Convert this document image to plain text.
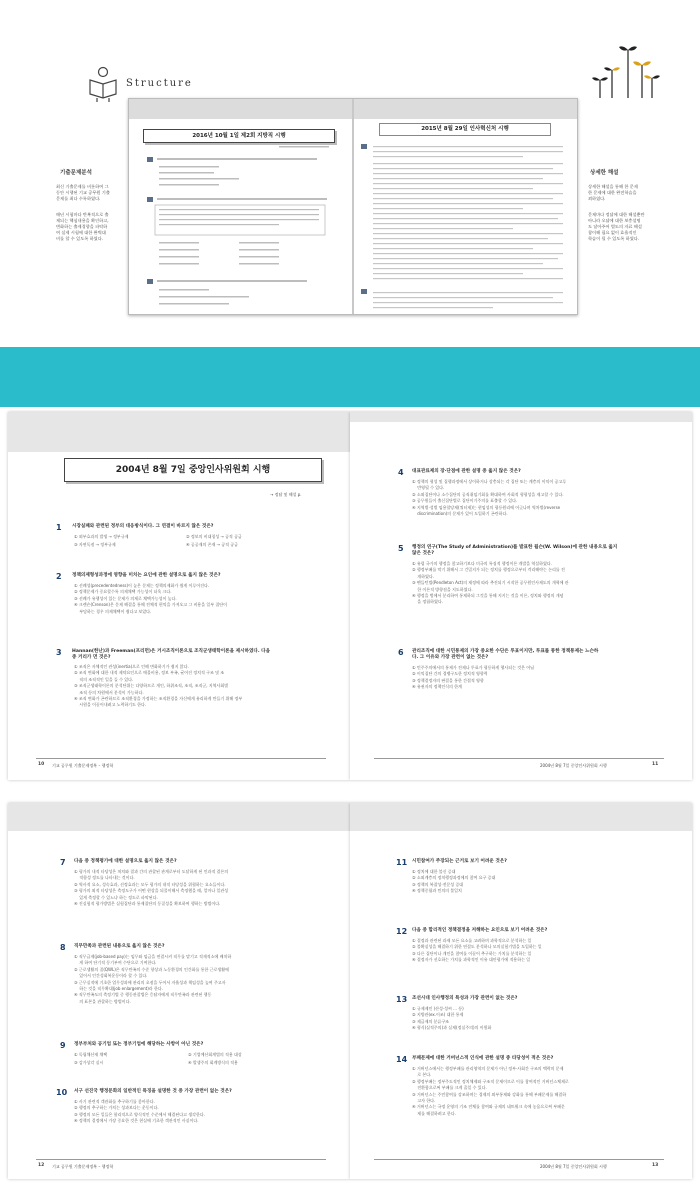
Structure
기출문제분석
최신 기출문제를 비롯하여 그
동안 시행된 기교 공무원 기출
문제를 최다 수록하였다.
매년 시험마다 반복적으로 출
제되는 핵심내용을 확인하고,
변화하는 출제경향을 파악하
여 실제 시험에 대한 완벽대
비를 할 수 있도록 하였다.
상세한 해설
상세한 해설을 통해 한 문제
한 문제에 대한 완전학습을
꾀하였다.
문제마다 정답에 대한 해설뿐만
아니라 오답에 대한 보충설명
도 달아주어 별도의 자료 해설
참이해 필요 없이 효율적인
학습이 될 수 있도록 하였다.
2016년 10월 1일 제2회 지방직 시행
2015년 8월 29일 인사혁신처 시행
2004년 8월 7일 중앙인사위원회 시행
→ 정답 및 해설 p.
1 시장실패와 관련된 정부의 대응방식이다. 그 연결이 바르지 않은 것은?
① 외부효과의 발생 → 정부규제	② 정보의 비대칭성 → 공적 공급
③ 자연독점 → 정부규제	④ 공공재의 존재 → 공적 공급
2 정책의제형성과정에 영향을 미치는 요인에 관한 설명으로 옳지 않은 것은?
① 선례성(precedentedness)이 높은 문제는 정책의제화가 쉽게 이루어진다.
② 정책문제가 중요할수록 의제채택 가능성이 더욱 크다.
③ 선례가 유행성이 있는 문제가 의제로 채택가능성이 높다.
④ 크렌슨(Crenson)은 문제 해결을 통해 전체적 편익을 가져오고 그 비용을 일부 집단이
　 부담하는 경우 의제채택이 쉽다고 보았다.
3 Hannan(한난)과 Freeman(프리먼)은 거시조직이론으로 조직군생태학이론을 제시하였다. 다음
중 거리가 먼 것은?
① 조직은 자체적인 관성(inertia)으로 인해 변화하기가 쉽지 않다.
② 조직 변화에 대한 내적 제약요인으로 매몰비용, 정보 부족, 굳어진 정치적 구조 및 조
　 직의 조직적인 일을 들 수 있다.
③ 조직군생태학이론의 분석단위는 다양하므로 개인, 하위조직, 조직, 조직군, 지역사회별
　 조직 등의 차원에서 분석이 가능하다.
④ 조직 변화가 곤란하므로 조직환경을 가정하는 조직환경을 자신에게 유리하게 만들기 위해 정부
　 시원을 이끌어내려고 노력하기도 한다.
10 기교 공무원 기출문제정복 – 행정학
4 대표관료제의 장·단점에 관한 설명 중 옳지 않은 것은?
① 정책의 형성 및 집행과정에서 상이하거나 상충되는 각 집단 또는 계층의 이익이 공고루
　 반영될 수 있다.
② 소외집단이나 소수집단의 공직취임기회를 확대하여 사회적 형평성을 제고할 수 있다.
③ 공무원들이 출신집단별로 집단이기주의를 표출할 수 있다.
④ 지역별·성별 임용할당제(쿼터제)는 현임성의 평등원리에 어긋나며 역차별(reverse
　 discrimination)의 문제가 있어 도입하기 곤란하다.
5 행정의 연구(The Study of Administration)를 발표한 윌슨(W. Wilson)에 관한 내용으로 옳지
않은 것은?
① 유럽 국가의 행정을 참고하기보다 미국의 특징적 행정이론 개발을 역설하였다.
② 행정부패를 막기 위해서 그 긴밀지가 되는 정치를 행정으로부터 격리해야는 논리를 전
　 개하였다.
③ 펜들턴법(Pendleton Act)의 제정에 따라 추진되기 시작한 공무원인사제도의 개혁에 관
　 한 이론적 방향점을 지도하였다.
④ 행정을 범에서 분리하여 통제하되 그것을 통해 지키는 것을 이론, 정치와 행정의 개념
　 을 정립하였다.
6 관리조직에 대한 시민통제의 가장 중요한 수단은 투표이지만, 투표를 통한 정책통제는 느슨하
다. 그 이유와 가장 관련이 없는 것은?
① 민주주의에서의 통제가 전제나 투표가 평등하게 행사되는 것은 어님
② 이익집단 간의 경쟁구도한 정치적 영향력
③ 정책결정자의 판결을 통한 간접적 영향
④ 유권자의 정책인식의 한계
2004년 8월 7일 중앙인사위원회 시행	11
7 다음 중 정책평가에 대한 설명으로 옳지 않은 것은?
① 평가의 내적 타당성은 처치와 결과 간의 관찰된 관계로부터 도달하게 된 인과적 결론의
　 적합성 정도를 나타내는 것이다.
② 역사적 요소, 성숙효과, 선정효과는 모두 평가의 내적 타당성을 위협하는 요소들이다.
③ 평가의 외적 타당성은 측정도구가 어떤 현상을 되풀이해서 측정했을 때, 얼마나 일관성
　 있게 측정할 수 있느냐 하는 정도로 파악된다.
④ 진실험적 평가방법은 실험집단과 통제집단의 동질성을 확보하여 행하는 방법이다.
8 직무만족과 관련된 내용으로 옳지 않은 것은?
① 직무급제(job-based pay)는 임무와 임금을 연결시켜 직무를 맡기고 적재적소에 배치하
　 게 하여 단기적 동기부여 수단으로 기여한다.
② 근로생활의 질(QWL)은 직무만족의 수준 향상과 노동환경의 인간화를 통한 근로생활에
　 있어서 인간성회복운동이라 할 수 있다.
③ 근무실적에 기초한 업무성과에 관리의 초점을 두어서 자율성과 책임성을 높여 주고자
　 하는 것을 직무확대(job enlargement)라 한다.
④ 직무만족도의 측정기법 중 행동관찰법은 응답자에게 직무만족과 관련된 행동
　 의 표본을 관찰하는 방법이다.
9 정부부처와 공기업 또는 정부기업에 해당하는 사항이 아닌 것은?
① 독립채산제 채택	② 기업예산회계법의 적용 대상
③ 감가상각 실시	④ 발생주의 회계방식의 적용
10 서구 선진국 행정문화의 일반적인 특징을 설명한 것 중 가장 관련이 없는 것은?
① 사기 관련적 객관화를 추구하기를 좋아한다.
② 행정의 추구하는 가치는 성과보다는 운동이다.
③ 행정의 모든 일들은 합리적으로 양식적인 수준에서 해결된다고 생각한다.
④ 정책의 결정에서 가장 중요한 것은 현실에 기초한 객관적인 사실이다.
12 기교 공무원 기출문제정복 – 행정학
11 시민참여가 주장되는 근거로 보기 어려운 것은?
① 정치에 대한 불신 증대
② 소외계층의 정치행정과정에의 참여 요구 증대
③ 정책의 복잡성·전문성 증대
④ 정책중립과 민의의 불일치
12 다음 중 합리적인 정책결정을 저해하는 요인으로 보기 어려운 것은?
① 결정과 관련된 과제 모든 요소를 고려하며 과학적으로 분석하는 일
② 불확실성을 해결하기 위한 연결도 분석하나 모의실험기법을 도입하는 일
③ 다른 집단이나 개인을 참여를 이끌어 추구하는 가치를 분석하는 일
④ 결정자가 선호하는 가치를 과학적인 이유 대안평가에 적용하는 일
13 조선시대 인사행정의 특성과 가장 관련이 없는 것은?
① 규제제인 (산성·성씨 ... 등)
② 지방관(ex.이조) 대한 통제
③ 제급제의 분류구조
④ 형식(실적주의)과 실제(정실주의)의 이원화
14 부패문제에 대한 거버넌스적 인식에 관한 설명 중 타당성이 적은 것은?
① 거버넌스에서는 행정부패를 관리영역의 문제가 아닌 정부·사회간 구조의 맥락의 문제
　 로 본다.
② 행정부패는 정부주도적인 정치체제와 구조적 문제이므로 이를 참여적인 거버넌스체제로
　 전환함으로써 부패를 크게 줄일 수 있다.
③ 거버넌스는 주민참여를 강조하며는 경제의 외부통제와 강화를 통해 부패문제를 해결하
　 고자 한다.
④ 거버넌스는 국정 운영의 기조 전체를 참여와 규제의 네트워크 속에 놓음으로써 부패문
　 제를 해결하려고 한다.
2004년 8월 7일 중앙인사위원회 시행	13
